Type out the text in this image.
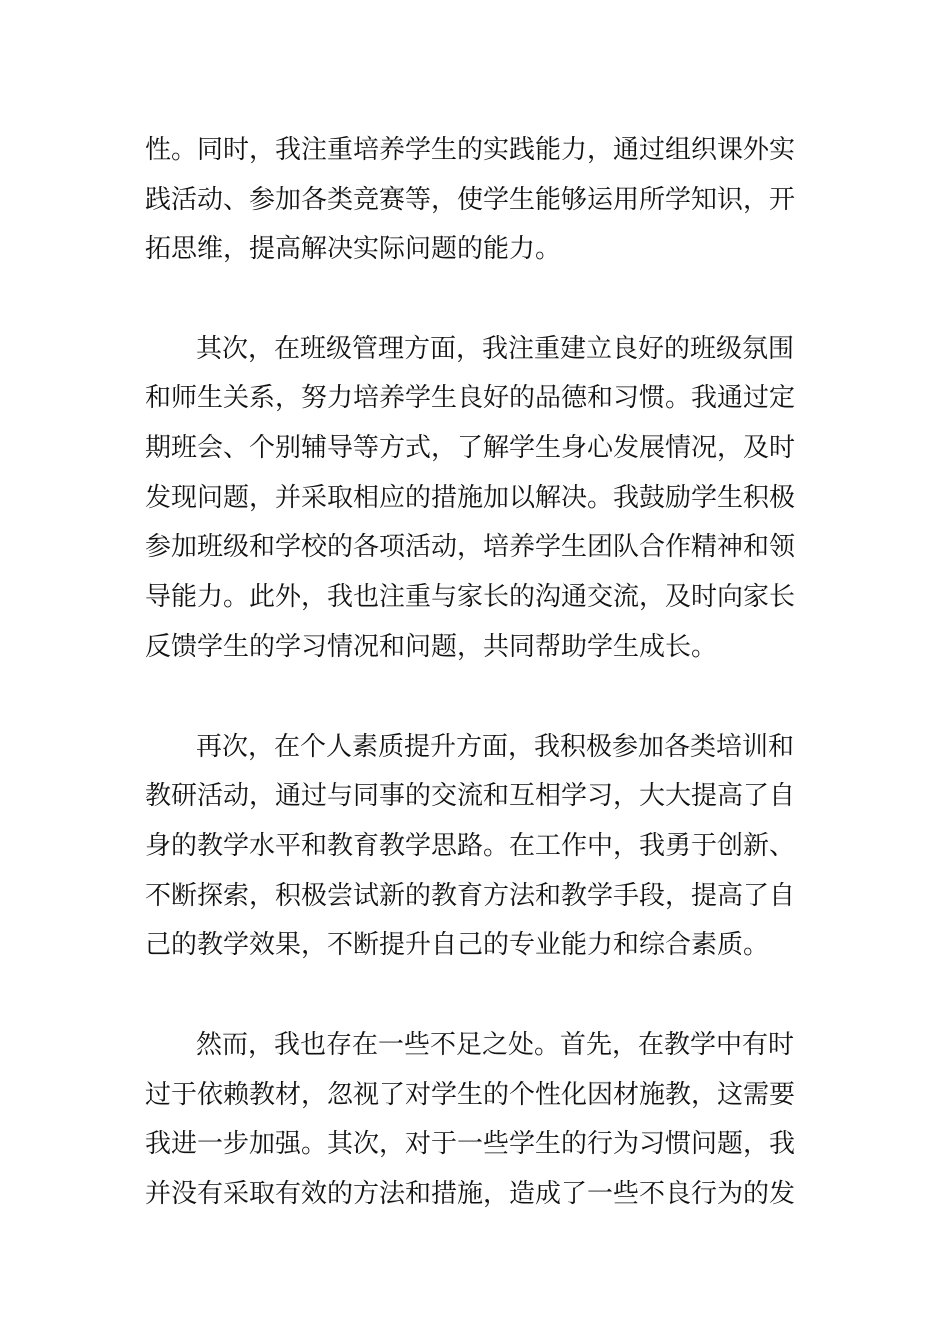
性。同时，我注重培养学生的实践能力，通过组织课外实
践活动、参加各类竞赛等，使学生能够运用所学知识，开
拓思维，提高解决实际问题的能力。
其次，在班级管理方面，我注重建立良好的班级氛围
和师生关系，努力培养学生良好的品德和习惯。我通过定
期班会、个别辅导等方式，了解学生身心发展情况，及时
发现问题，并采取相应的措施加以解决。我鼓励学生积极
参加班级和学校的各项活动，培养学生团队合作精神和领
导能力。此外，我也注重与家长的沟通交流，及时向家长
反馈学生的学习情况和问题，共同帮助学生成长。
再次，在个人素质提升方面，我积极参加各类培训和
教研活动，通过与同事的交流和互相学习，大大提高了自
身的教学水平和教育教学思路。在工作中，我勇于创新、
不断探索，积极尝试新的教育方法和教学手段，提高了自
己的教学效果，不断提升自己的专业能力和综合素质。
然而，我也存在一些不足之处。首先，在教学中有时
过于依赖教材，忽视了对学生的个性化因材施教，这需要
我进一步加强。其次，对于一些学生的行为习惯问题，我
并没有采取有效的方法和措施，造成了一些不良行为的发
